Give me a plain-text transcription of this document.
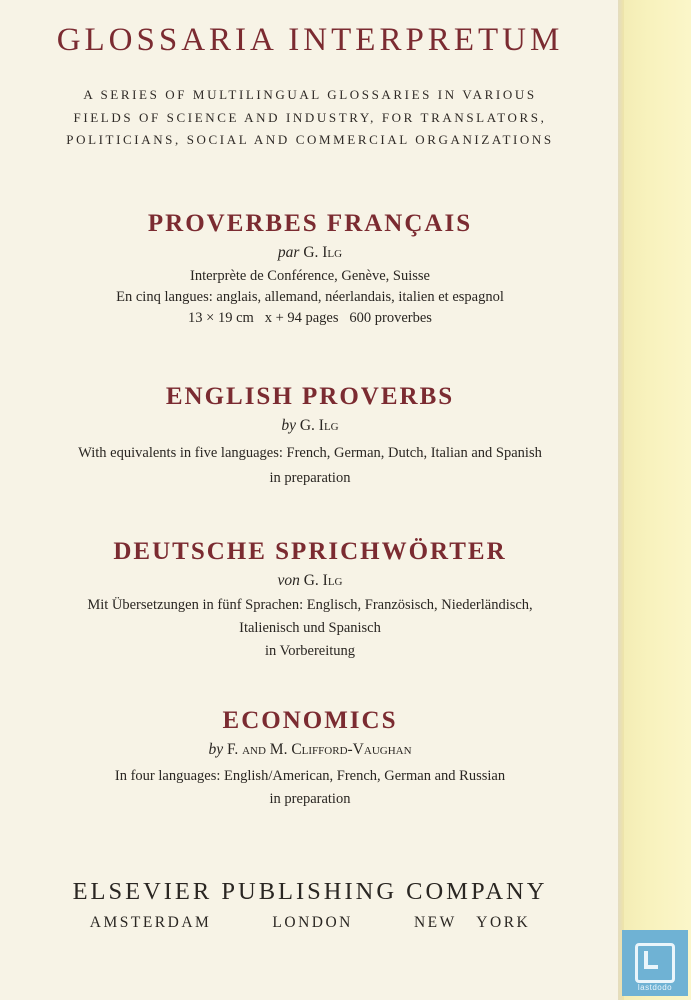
GLOSSARIA INTERPRETUM
A SERIES OF MULTILINGUAL GLOSSARIES IN VARIOUS
FIELDS OF SCIENCE AND INDUSTRY, FOR TRANSLATORS,
POLITICIANS, SOCIAL AND COMMERCIAL ORGANIZATIONS
PROVERBES FRANÇAIS
par G. Ilg
Interprète de Conférence, Genève, Suisse
En cinq langues: anglais, allemand, néerlandais, italien et espagnol
13 × 19 cm   x + 94 pages   600 proverbes
ENGLISH PROVERBS
by G. Ilg
With equivalents in five languages: French, German, Dutch, Italian and Spanish
in preparation
DEUTSCHE SPRICHWÖRTER
von G. Ilg
Mit Übersetzungen in fünf Sprachen: Englisch, Französisch, Niederländisch,
Italienisch und Spanisch
in Vorbereitung
ECONOMICS
by F. and M. Clifford-Vaughan
In four languages: English/American, French, German and Russian
in preparation
ELSEVIER PUBLISHING COMPANY
AMSTERDAM   LONDON   NEW YORK
lastdodo
